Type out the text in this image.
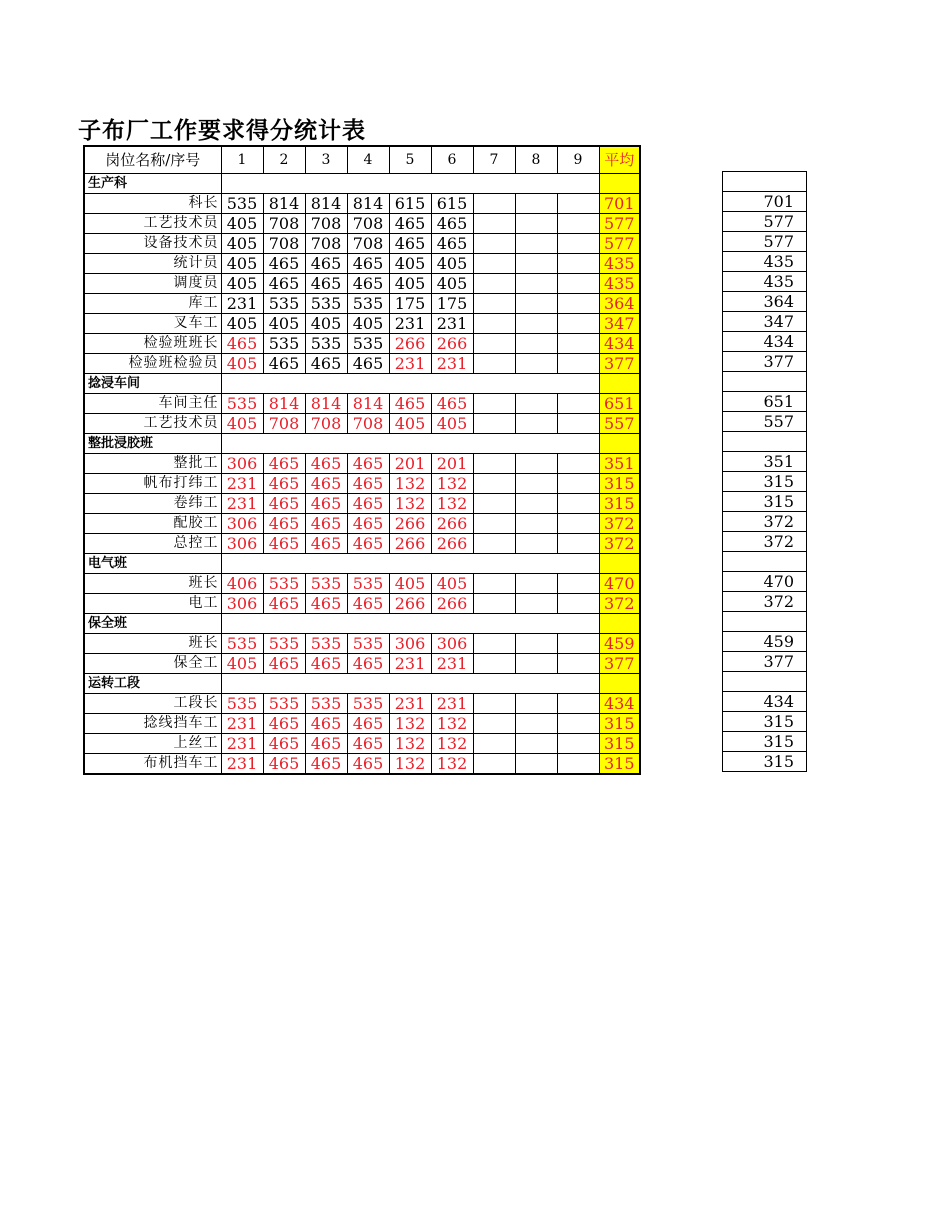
子布厂工作要求得分统计表
岗位名称/序号	1	2	3	4	5	6	7	8	9	平均
生产科										
科长	535	814	814	814	615	615				701
工艺技术员	405	708	708	708	465	465				577
设备技术员	405	708	708	708	465	465				577
统计员	405	465	465	465	405	405				435
调度员	405	465	465	465	405	405				435
库工	231	535	535	535	175	175				364
叉车工	405	405	405	405	231	231				347
检验班班长	465	535	535	535	266	266				434
检验班检验员	405	465	465	465	231	231				377
捻浸车间										
车间主任	535	814	814	814	465	465				651
工艺技术员	405	708	708	708	405	405				557
整批浸胶班										
整批工	306	465	465	465	201	201				351
帆布打纬工	231	465	465	465	132	132				315
卷纬工	231	465	465	465	132	132				315
配胶工	306	465	465	465	266	266				372
总控工	306	465	465	465	266	266				372
电气班										
班长	406	535	535	535	405	405				470
电工	306	465	465	465	266	266				372
保全班										
班长	535	535	535	535	306	306				459
保全工	405	465	465	465	231	231				377
运转工段										
工段长	535	535	535	535	231	231				434
捻线挡车工	231	465	465	465	132	132				315
上丝工	231	465	465	465	132	132				315
布机挡车工	231	465	465	465	132	132				315

701
577
577
435
435
364
347
434
377

651
557

351
315
315
372
372

470
372

459
377

434
315
315
315
